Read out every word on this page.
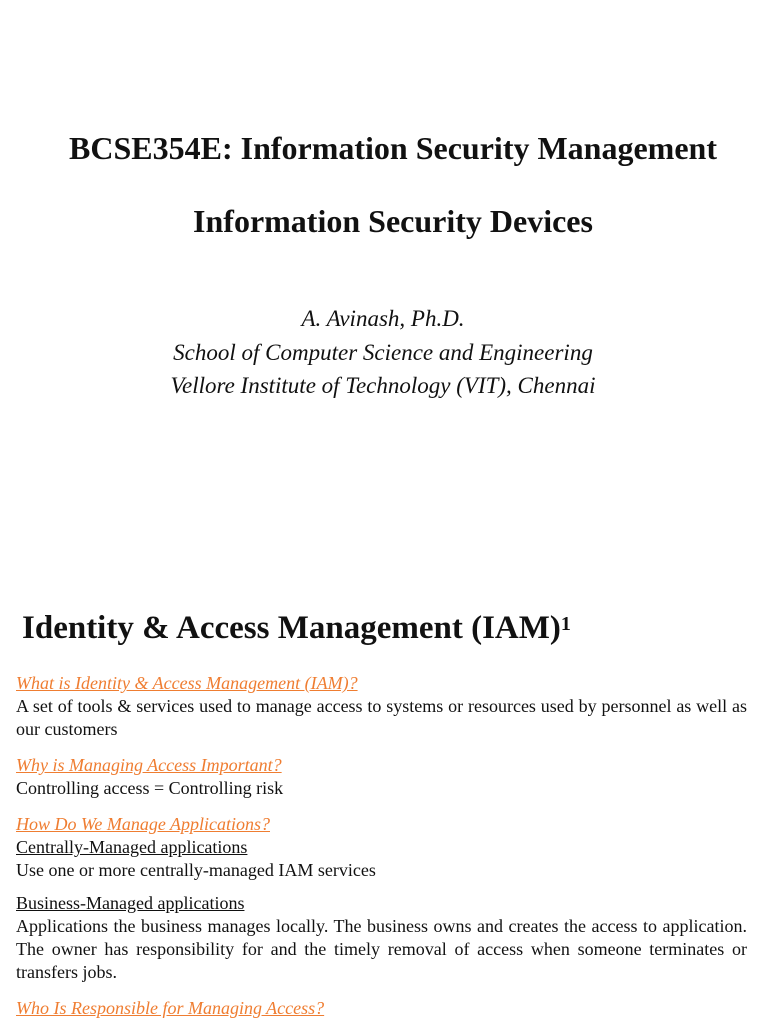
BCSE354E: Information Security Management
Information Security Devices
A. Avinash, Ph.D.
School of Computer Science and Engineering
Vellore Institute of Technology (VIT), Chennai
Identity & Access Management (IAM)$^1$

What is Identity & Access Management (IAM)?

A set of tools & services used to manage access to systems or resources used by personnel as well as our customers

Why is Managing Access Important?

Controlling access = Controlling risk

How Do We Manage Applications?

Centrally-Managed applications

Use one or more centrally-managed IAM services

Business-Managed applications

Applications the business manages locally. The business owns and creates the access to application. The owner has responsibility for and the timely removal of access when someone terminates or transfers jobs.

Who Is Responsible for Managing Access?
